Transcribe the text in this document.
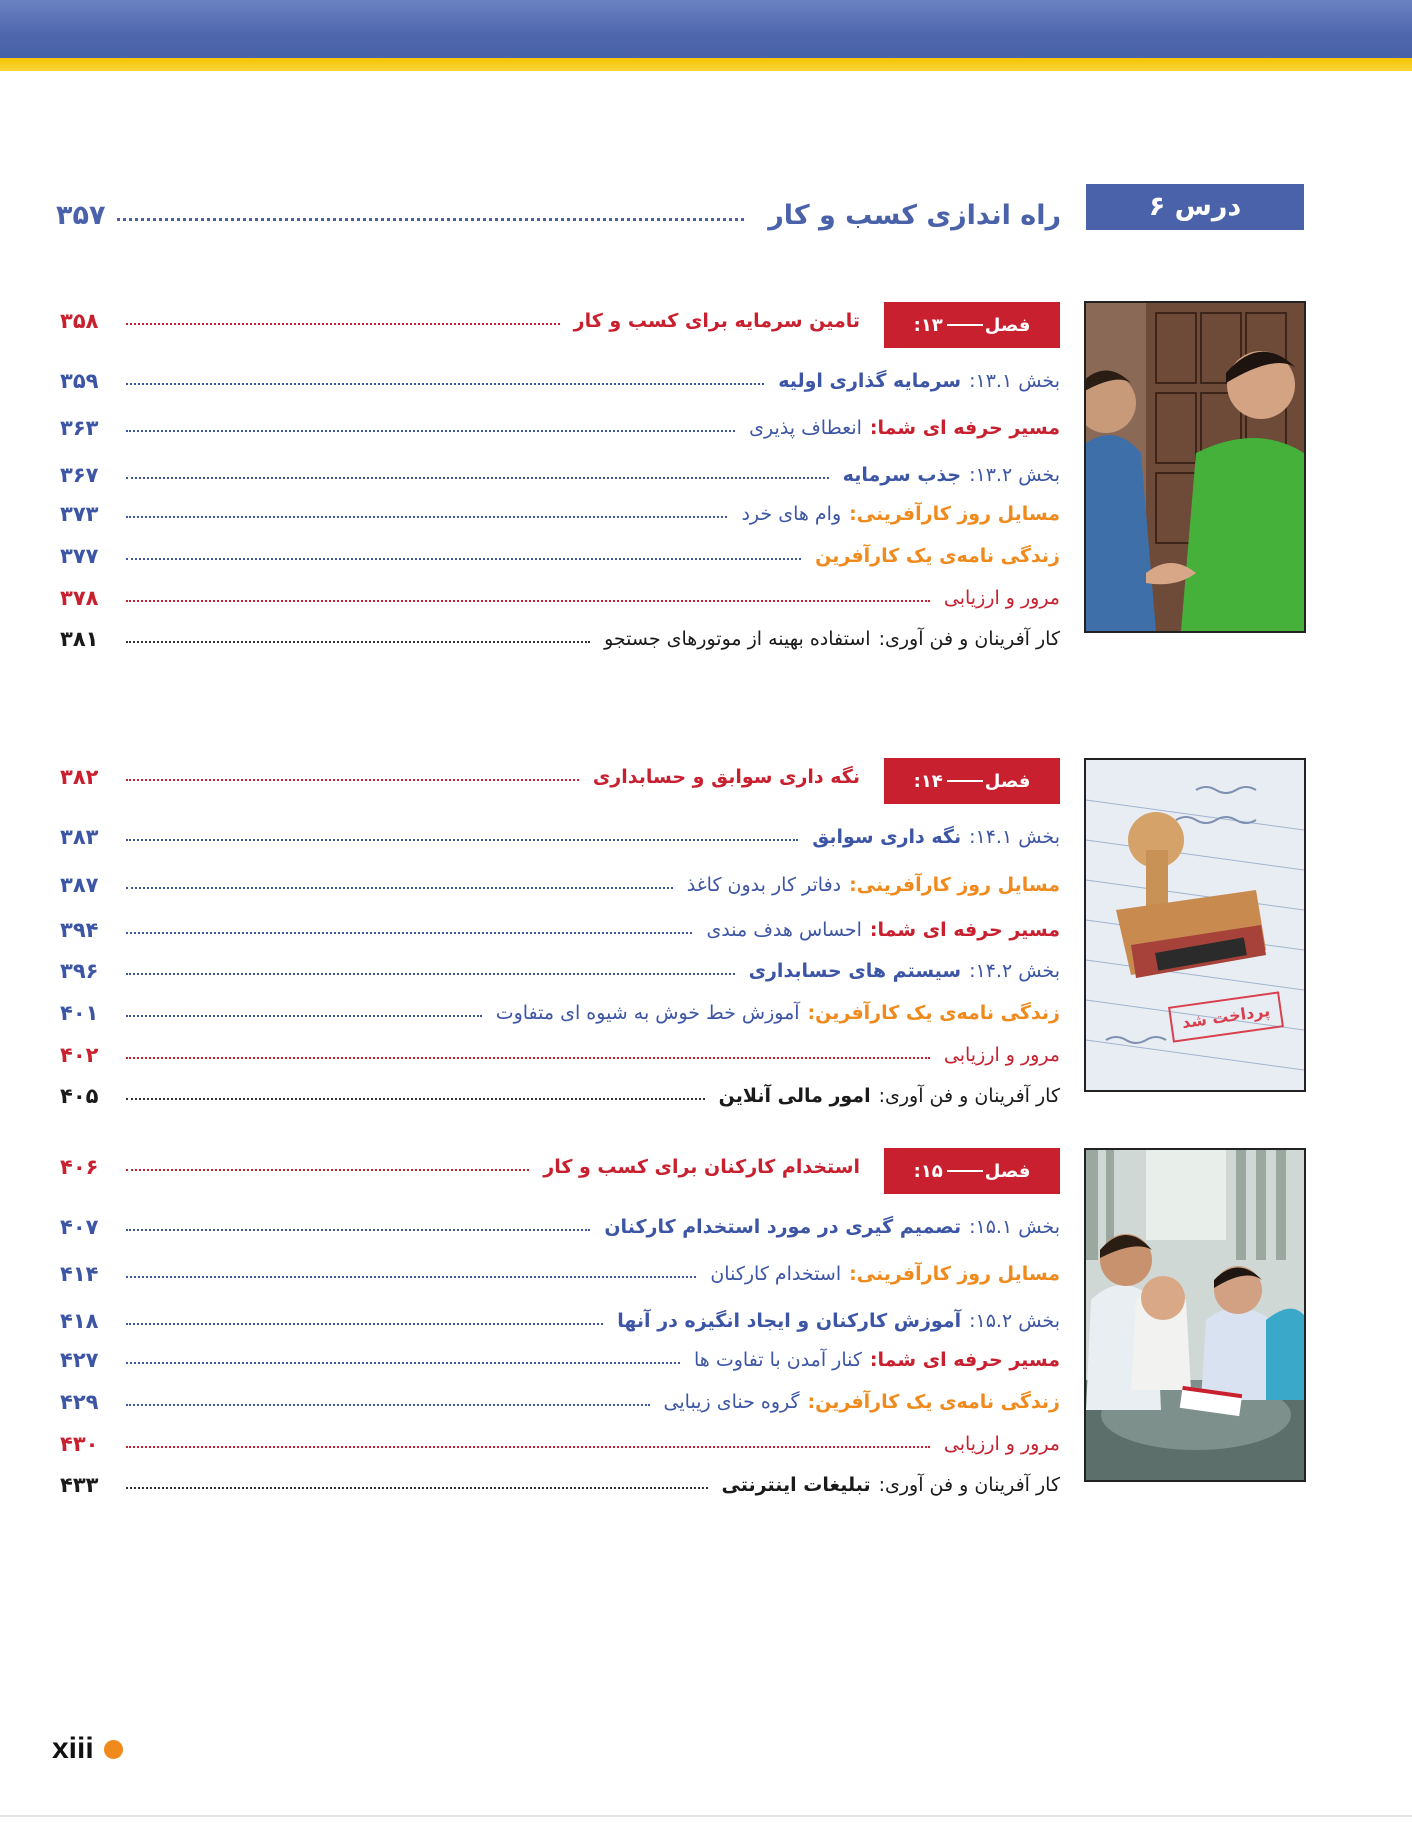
درس ۶
راه اندازی کسب و کار
۳۵۷
فصل
۱۳:
تامین سرمایه برای کسب و کار
۳۵۸
بخش ۱۳.۱:
سرمایه گذاری اولیه
۳۵۹
مسیر حرفه ای شما:
انعطاف پذیری
۳۶۳
بخش ۱۳.۲:
جذب سرمایه
۳۶۷
مسایل روز کارآفرینی:
وام های خرد
۳۷۳
زندگی نامه‌ی یک کارآفرین
۳۷۷
مرور و ارزیابی
۳۷۸
کار آفرینان و فن آوری:
استفاده بهینه از موتورهای جستجو
۳۸۱
پرداخت شد
فصل
۱۴:
نگه داری سوابق و حسابداری
۳۸۲
بخش ۱۴.۱:
نگه داری سوابق
۳۸۳
مسایل روز کارآفرینی:
دفاتر کار بدون کاغذ
۳۸۷
مسیر حرفه ای شما:
احساس هدف مندی
۳۹۴
بخش ۱۴.۲:
سیستم های حسابداری
۳۹۶
زندگی نامه‌ی یک کارآفرین:
آموزش خط خوش به شیوه ای متفاوت
۴۰۱
مرور و ارزیابی
۴۰۲
کار آفرینان و فن آوری:
امور مالی آنلاین
۴۰۵
فصل
۱۵:
استخدام کارکنان برای کسب و کار
۴۰۶
بخش ۱۵.۱:
تصمیم گیری در مورد استخدام کارکنان
۴۰۷
مسایل روز کارآفرینی:
استخدام کارکنان
۴۱۴
بخش ۱۵.۲:
آموزش کارکنان و ایجاد انگیزه در آنها
۴۱۸
مسیر حرفه ای شما:
کنار آمدن با تفاوت ها
۴۲۷
زندگی نامه‌ی یک کارآفرین:
گروه حنای زیبایی
۴۲۹
مرور و ارزیابی
۴۳۰
کار آفرینان و فن آوری:
تبلیغات اینترنتی
۴۳۳
xiii
